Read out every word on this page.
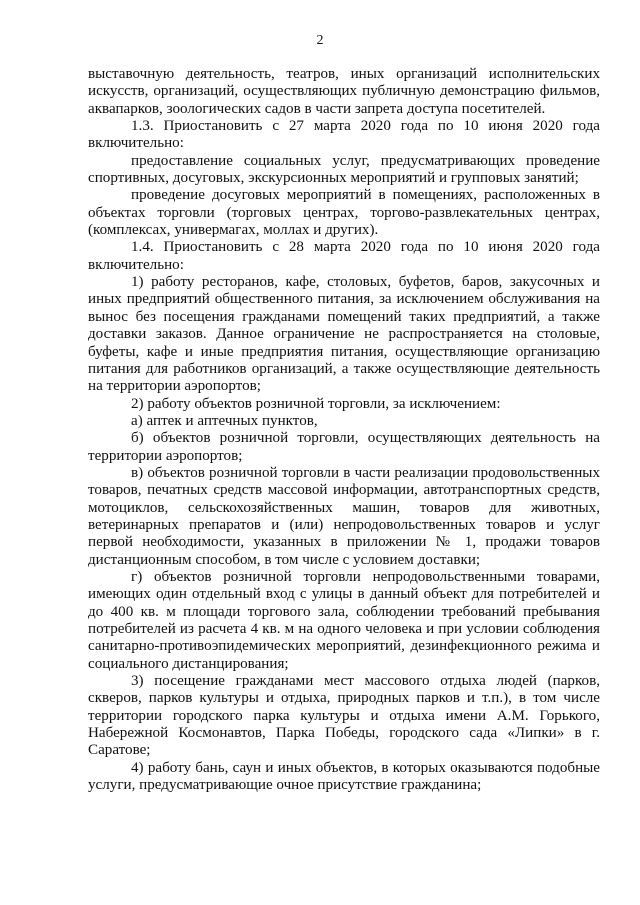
2

выставочную деятельность, театров, иных организаций исполнительских искусств, организаций, осуществляющих публичную демонстрацию фильмов, аквапарков, зоологических садов в части запрета доступа посетителей.

1.3. Приостановить с 27 марта 2020 года по 10 июня 2020 года включительно:

предоставление социальных услуг, предусматривающих проведение спортивных, досуговых, экскурсионных мероприятий и групповых занятий;

проведение досуговых мероприятий в помещениях, расположенных в объектах торговли (торговых центрах, торгово-развлекательных центрах, (комплексах, универмагах, моллах и других).

1.4. Приостановить с 28 марта 2020 года по 10 июня 2020 года включительно:

1) работу ресторанов, кафе, столовых, буфетов, баров, закусочных и иных предприятий общественного питания, за исключением обслуживания на вынос без посещения гражданами помещений таких предприятий, а также доставки заказов. Данное ограничение не распространяется на столовые, буфеты, кафе и иные предприятия питания, осуществляющие организацию питания для работников организаций, а также осуществляющие деятельность на территории аэропортов;

2) работу объектов розничной торговли, за исключением:

а) аптек и аптечных пунктов,

б) объектов розничной торговли, осуществляющих деятельность на территории аэропортов;

в) объектов розничной торговли в части реализации продовольственных товаров, печатных средств массовой информации, автотранспортных средств, мотоциклов, сельскохозяйственных машин, товаров для животных, ветеринарных препаратов и (или) непродовольственных товаров и услуг первой необходимости, указанных в приложении № 1, продажи товаров дистанционным способом, в том числе с условием доставки;

г) объектов розничной торговли непродовольственными товарами, имеющих один отдельный вход с улицы в данный объект для потребителей и до 400 кв. м площади торгового зала, соблюдении требований пребывания потребителей из расчета 4 кв. м на одного человека и при условии соблюдения санитарно-противоэпидемических мероприятий, дезинфекционного режима и социального дистанцирования;

3) посещение гражданами мест массового отдыха людей (парков, скверов, парков культуры и отдыха, природных парков и т.п.), в том числе территории городского парка культуры и отдыха имени А.М. Горького, Набережной Космонавтов, Парка Победы, городского сада «Липки» в г. Саратове;

4) работу бань, саун и иных объектов, в которых оказываются подобные услуги, предусматривающие очное присутствие гражданина;
